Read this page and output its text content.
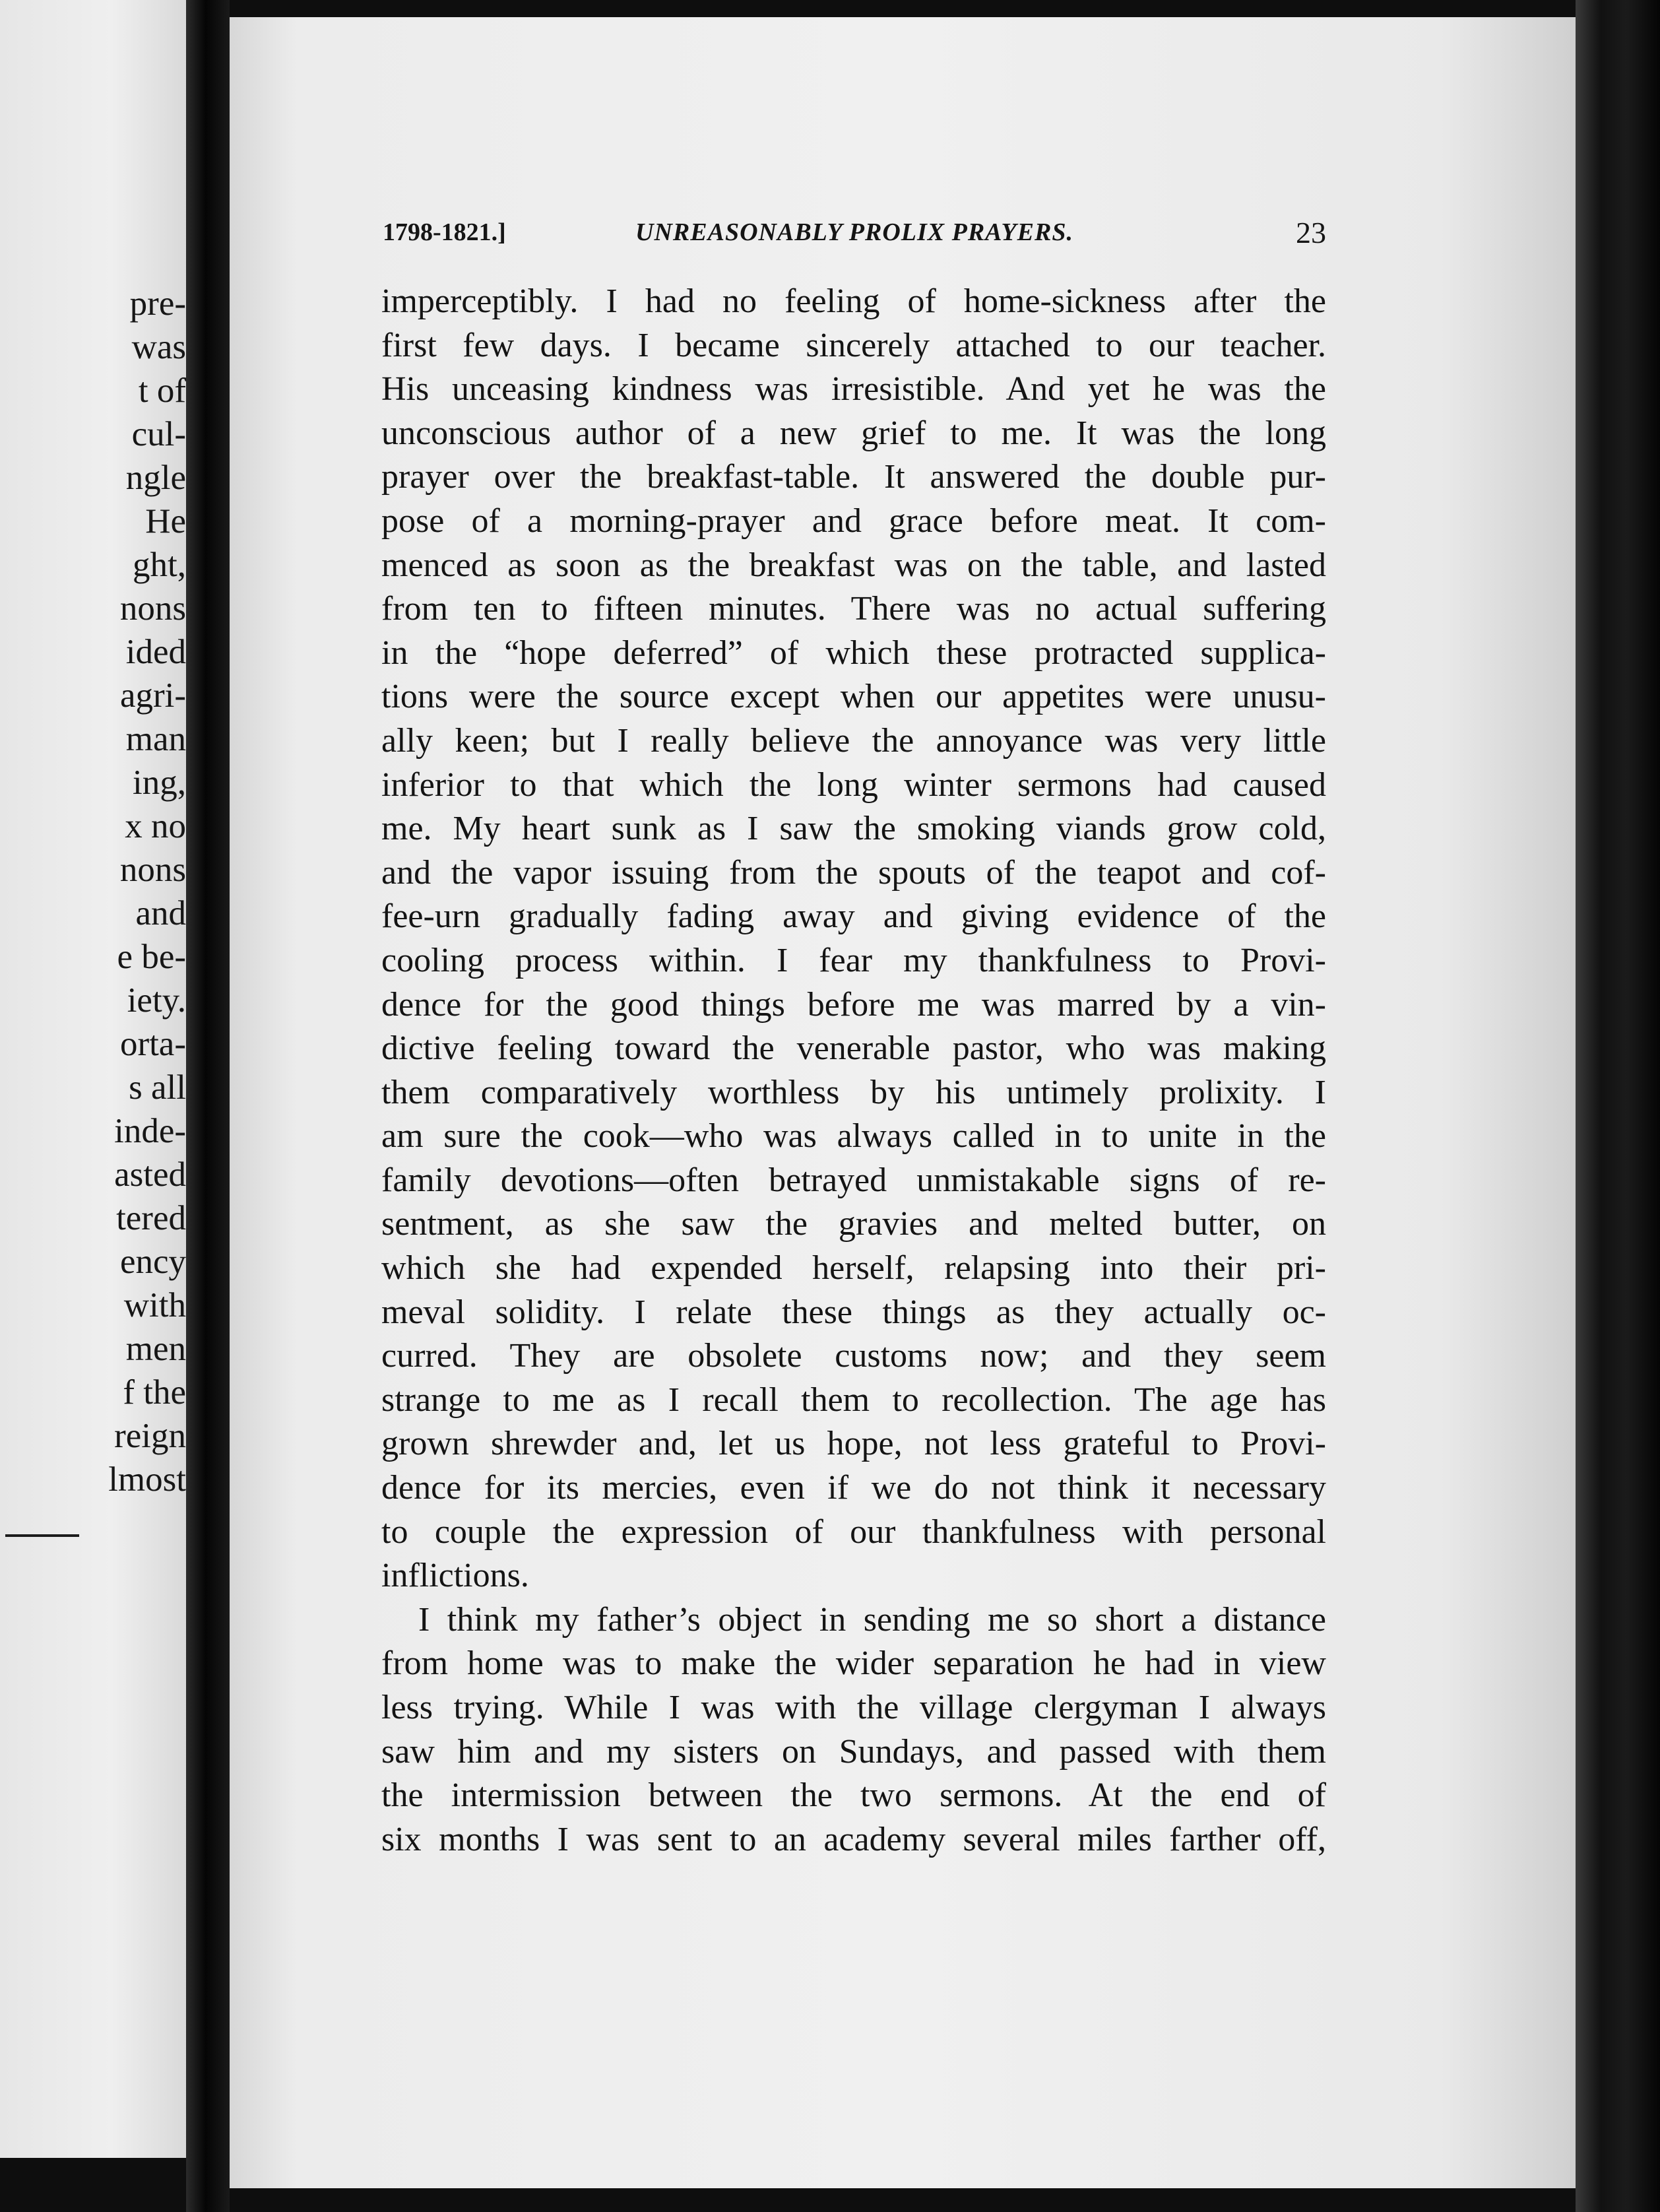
pre-
was
t of
cul-
ngle
He
ght,
nons
ided
agri-
man
ing,
x no
nons
and
e be-
iety.
orta-
s all
inde-
asted
tered
ency
with
men
f the
reign
lmost
1798-1821.]	UNREASONABLY PROLIX PRAYERS.	23
imperceptibly. I had no feeling of home-sickness after the
first few days. I became sincerely attached to our teacher.
His unceasing kindness was irresistible. And yet he was the
unconscious author of a new grief to me. It was the long
prayer over the breakfast-table. It answered the double pur-
pose of a morning-prayer and grace before meat. It com-
menced as soon as the breakfast was on the table, and lasted
from ten to fifteen minutes. There was no actual suffering
in the “hope deferred” of which these protracted supplica-
tions were the source except when our appetites were unusu-
ally keen; but I really believe the annoyance was very little
inferior to that which the long winter sermons had caused
me. My heart sunk as I saw the smoking viands grow cold,
and the vapor issuing from the spouts of the teapot and cof-
fee-urn gradually fading away and giving evidence of the
cooling process within. I fear my thankfulness to Provi-
dence for the good things before me was marred by a vin-
dictive feeling toward the venerable pastor, who was making
them comparatively worthless by his untimely prolixity. I
am sure the cook—who was always called in to unite in the
family devotions—often betrayed unmistakable signs of re-
sentment, as she saw the gravies and melted butter, on
which she had expended herself, relapsing into their pri-
meval solidity. I relate these things as they actually oc-
curred. They are obsolete customs now; and they seem
strange to me as I recall them to recollection. The age has
grown shrewder and, let us hope, not less grateful to Provi-
dence for its mercies, even if we do not think it necessary
to couple the expression of our thankfulness with personal
inflictions.
I think my father’s object in sending me so short a distance
from home was to make the wider separation he had in view
less trying. While I was with the village clergyman I always
saw him and my sisters on Sundays, and passed with them
the intermission between the two sermons. At the end of
six months I was sent to an academy several miles farther off,
